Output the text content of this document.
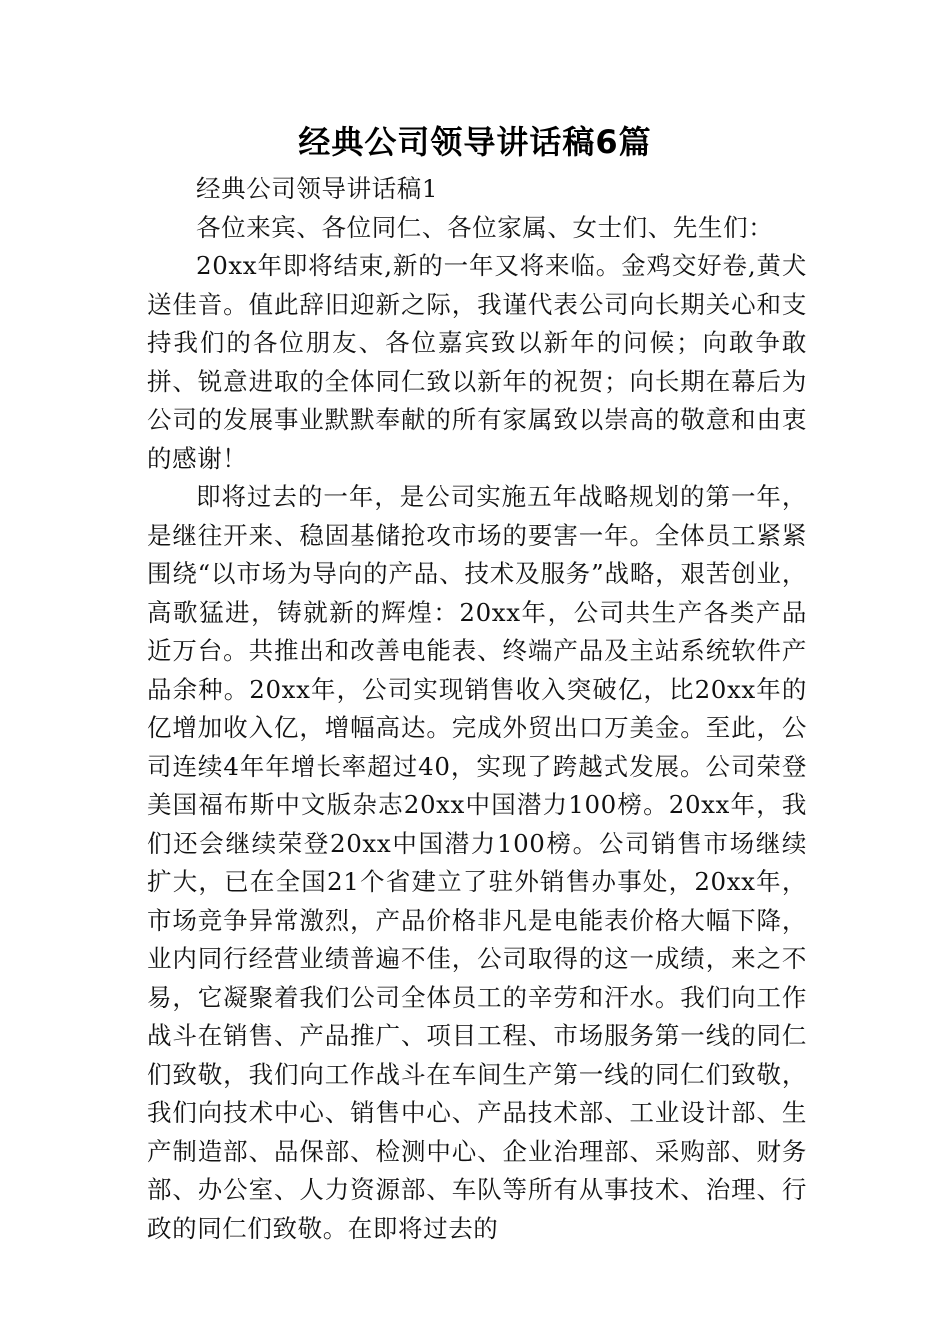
经典公司领导讲话稿6篇

经典公司领导讲话稿1

各位来宾、各位同仁、各位家属、女士们、先生们：

20xx年即将结束,新的一年又将来临。金鸡交好卷,黄犬送佳音。值此辞旧迎新之际，我谨代表公司向长期关心和支持我们的各位朋友、各位嘉宾致以新年的问候；向敢争敢拼、锐意进取的全体同仁致以新年的祝贺；向长期在幕后为公司的发展事业默默奉献的所有家属致以崇高的敬意和由衷的感谢！

即将过去的一年，是公司实施五年战略规划的第一年，是继往开来、稳固基储抢攻市场的要害一年。全体员工紧紧围绕“以市场为导向的产品、技术及服务”战略，艰苦创业，高歌猛进，铸就新的辉煌：20xx年，公司共生产各类产品近万台。共推出和改善电能表、终端产品及主站系统软件产品余种。20xx年，公司实现销售收入突破亿，比20xx年的亿增加收入亿，增幅高达。完成外贸出口万美金。至此，公司连续4年年增长率超过40，实现了跨越式发展。公司荣登美国福布斯中文版杂志20xx中国潜力100榜。20xx年，我们还会继续荣登20xx中国潜力100榜。公司销售市场继续扩大，已在全国21个省建立了驻外销售办事处，20xx年，市场竞争异常激烈，产品价格非凡是电能表价格大幅下降，业内同行经营业绩普遍不佳，公司取得的这一成绩，来之不易，它凝聚着我们公司全体员工的辛劳和汗水。我们向工作战斗在销售、产品推广、项目工程、市场服务第一线的同仁们致敬，我们向工作战斗在车间生产第一线的同仁们致敬，我们向技术中心、销售中心、产品技术部、工业设计部、生产制造部、品保部、检测中心、企业治理部、采购部、财务部、办公室、人力资源部、车队等所有从事技术、治理、行政的同仁们致敬。在即将过去的
